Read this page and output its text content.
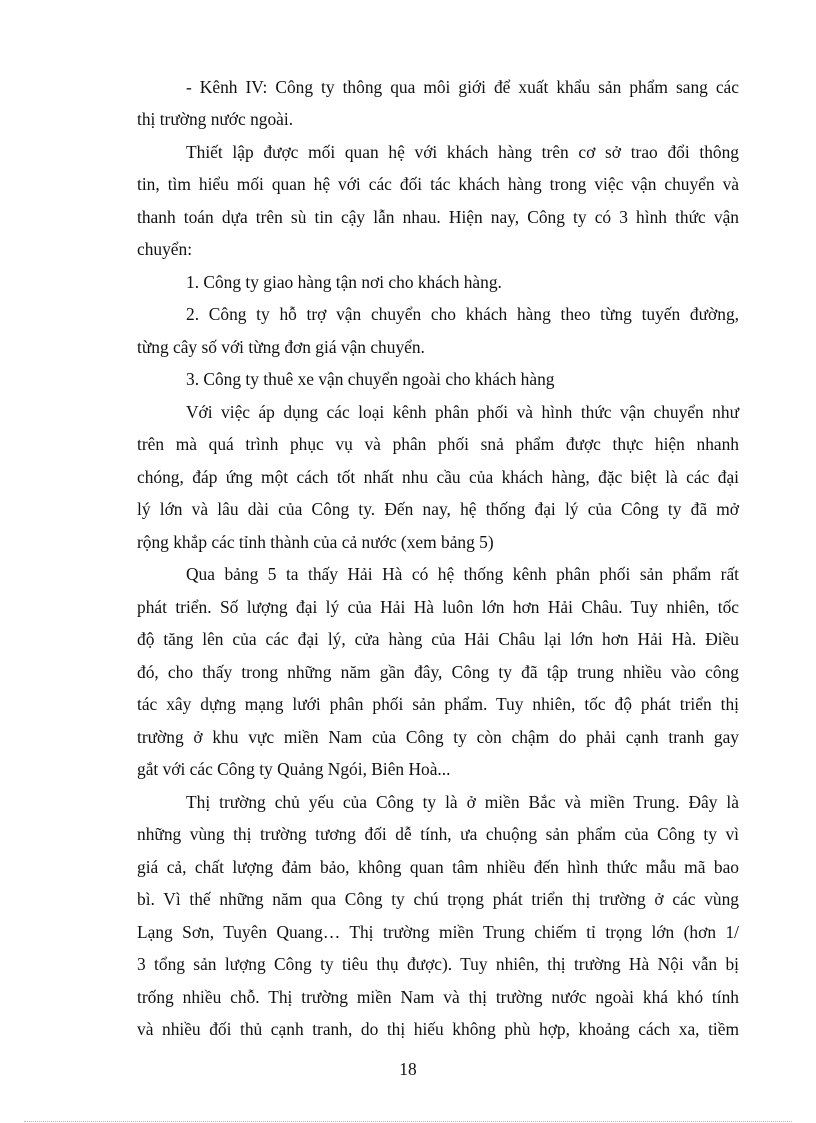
- Kênh IV: Công ty thông qua môi giới để xuất khẩu sản phẩm sang các
thị trường nước ngoài.
Thiết lập được mối quan hệ với khách hàng trên cơ sở trao đổi thông
tin, tìm hiểu mối quan hệ với các đối tác khách hàng trong việc vận chuyển và
thanh toán dựa trên sù tin cậy lẫn nhau. Hiện nay, Công ty có 3 hình thức vận
chuyển:
1. Công ty giao hàng tận nơi cho khách hàng.
2. Công ty hỗ trợ vận chuyển cho khách hàng theo từng tuyến đường,
từng cây số với từng đơn giá vận chuyển.
3. Công ty thuê xe vận chuyển ngoài cho khách hàng
Với việc áp dụng các loại kênh phân phối và hình thức vận chuyển như
trên mà quá trình phục vụ và phân phối snả phẩm được thực hiện nhanh
chóng, đáp ứng một cách tốt nhất nhu cầu của khách hàng, đặc biệt là các đại
lý lớn và lâu dài của Công ty. Đến nay, hệ thống đại lý của Công ty đã mở
rộng khắp các tỉnh thành của cả nước (xem bảng 5)
Qua bảng 5 ta thấy Hải Hà có hệ thống kênh phân phối sản phẩm rất
phát triển. Số lượng đại lý của Hải Hà luôn lớn hơn Hải Châu. Tuy nhiên, tốc
độ tăng lên của các đại lý, cửa hàng của Hải Châu lại lớn hơn Hải Hà. Điều
đó, cho thấy trong những năm gần đây, Công ty đã tập trung nhiều vào công
tác xây dựng mạng lưới phân phối sản phẩm. Tuy nhiên, tốc độ phát triển thị
trường ở khu vực miền Nam của Công ty còn chậm do phải cạnh tranh gay
gắt với các Công ty Quảng Ngói, Biên Hoà...
Thị trường chủ yếu của Công ty là ở miền Bắc và miền Trung. Đây là
những vùng thị trường tương đối dễ tính, ưa chuộng sản phẩm của Công ty vì
giá cả, chất lượng đảm bảo, không quan tâm nhiều đến hình thức mẫu mã bao
bì. Vì thế những năm qua Công ty chú trọng phát triển thị trường ở các vùng
Lạng Sơn, Tuyên Quang… Thị trường miền Trung chiếm tỉ trọng lớn (hơn 1/
3 tổng sản lượng Công ty tiêu thụ được). Tuy nhiên, thị trường Hà Nội vẫn bị
trống nhiều chỗ. Thị trường miền Nam và thị trường nước ngoài khá khó tính
và nhiều đối thủ cạnh tranh, do thị hiếu không phù hợp, khoảng cách xa, tiềm
18
